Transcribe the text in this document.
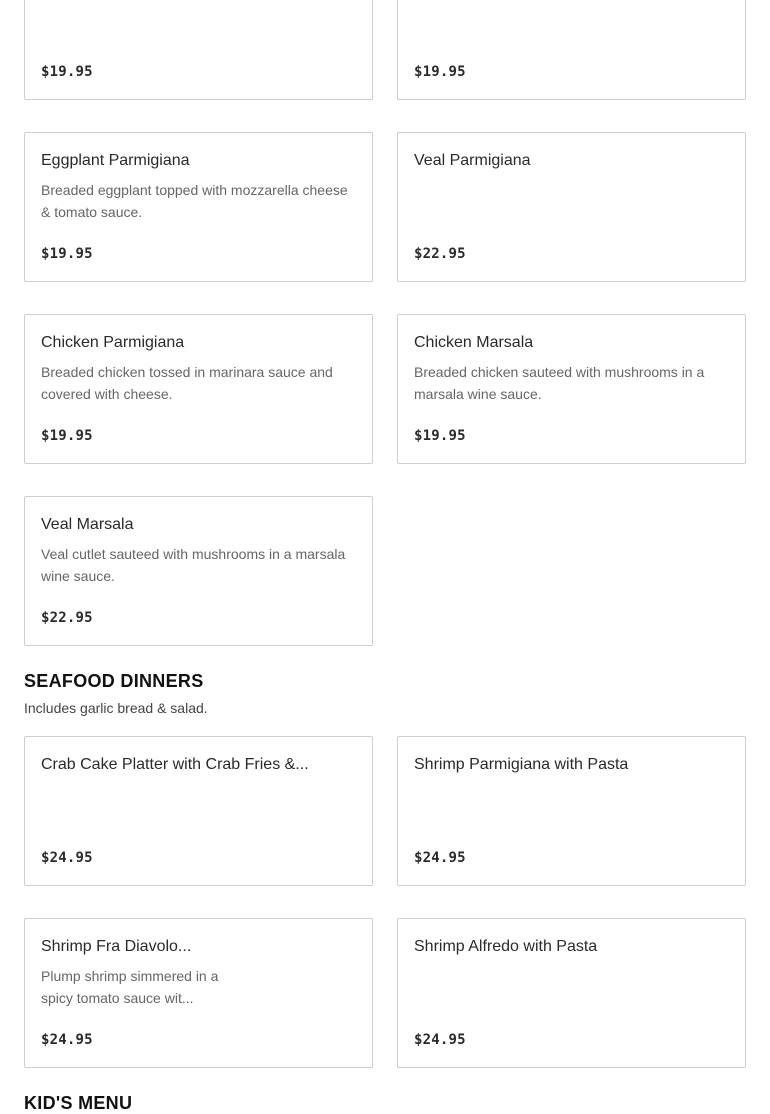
$19.95	$19.95
Eggplant Parmigiana
Breaded eggplant topped with mozzarella cheese & tomato sauce.
$19.95
Veal Parmigiana
$22.95
Chicken Parmigiana
Breaded chicken tossed in marinara sauce and covered with cheese.
$19.95
Chicken Marsala
Breaded chicken sauteed with mushrooms in a marsala wine sauce.
$19.95
Veal Marsala
Veal cutlet sauteed with mushrooms in a marsala wine sauce.
$22.95
SEAFOOD DINNERS
Includes garlic bread & salad.
Crab Cake Platter with Crab Fries &...
$24.95
Shrimp Parmigiana with Pasta
$24.95
Shrimp Fra Diavolo...
Plump shrimp simmered in a spicy tomato sauce wit...
$24.95
Shrimp Alfredo with Pasta
$24.95
KID'S MENU
